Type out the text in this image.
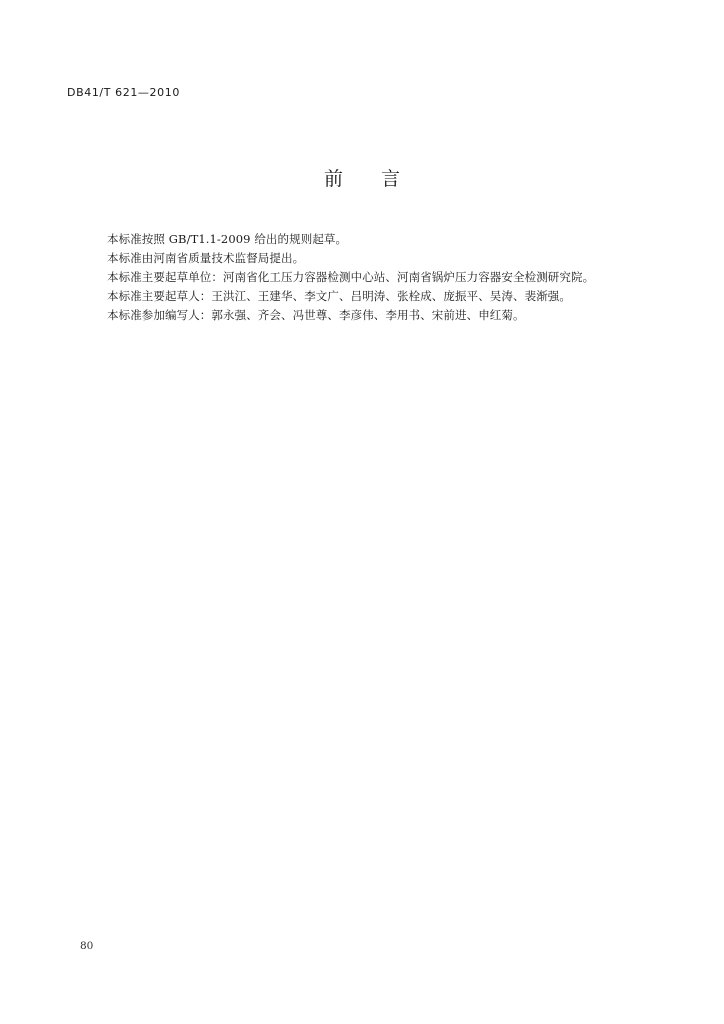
DB41/T 621—2010
前 言
本标准按照 GB/T1.1-2009 给出的规则起草。
本标准由河南省质量技术监督局提出。
本标准主要起草单位：河南省化工压力容器检测中心站、河南省锅炉压力容器安全检测研究院。
本标准主要起草人：王洪江、王建华、李文广、吕明涛、张栓成、庞振平、吴涛、裴渐强。
本标准参加编写人：郭永强、齐会、冯世尊、李彦伟、李用书、宋前进、申红菊。
80
